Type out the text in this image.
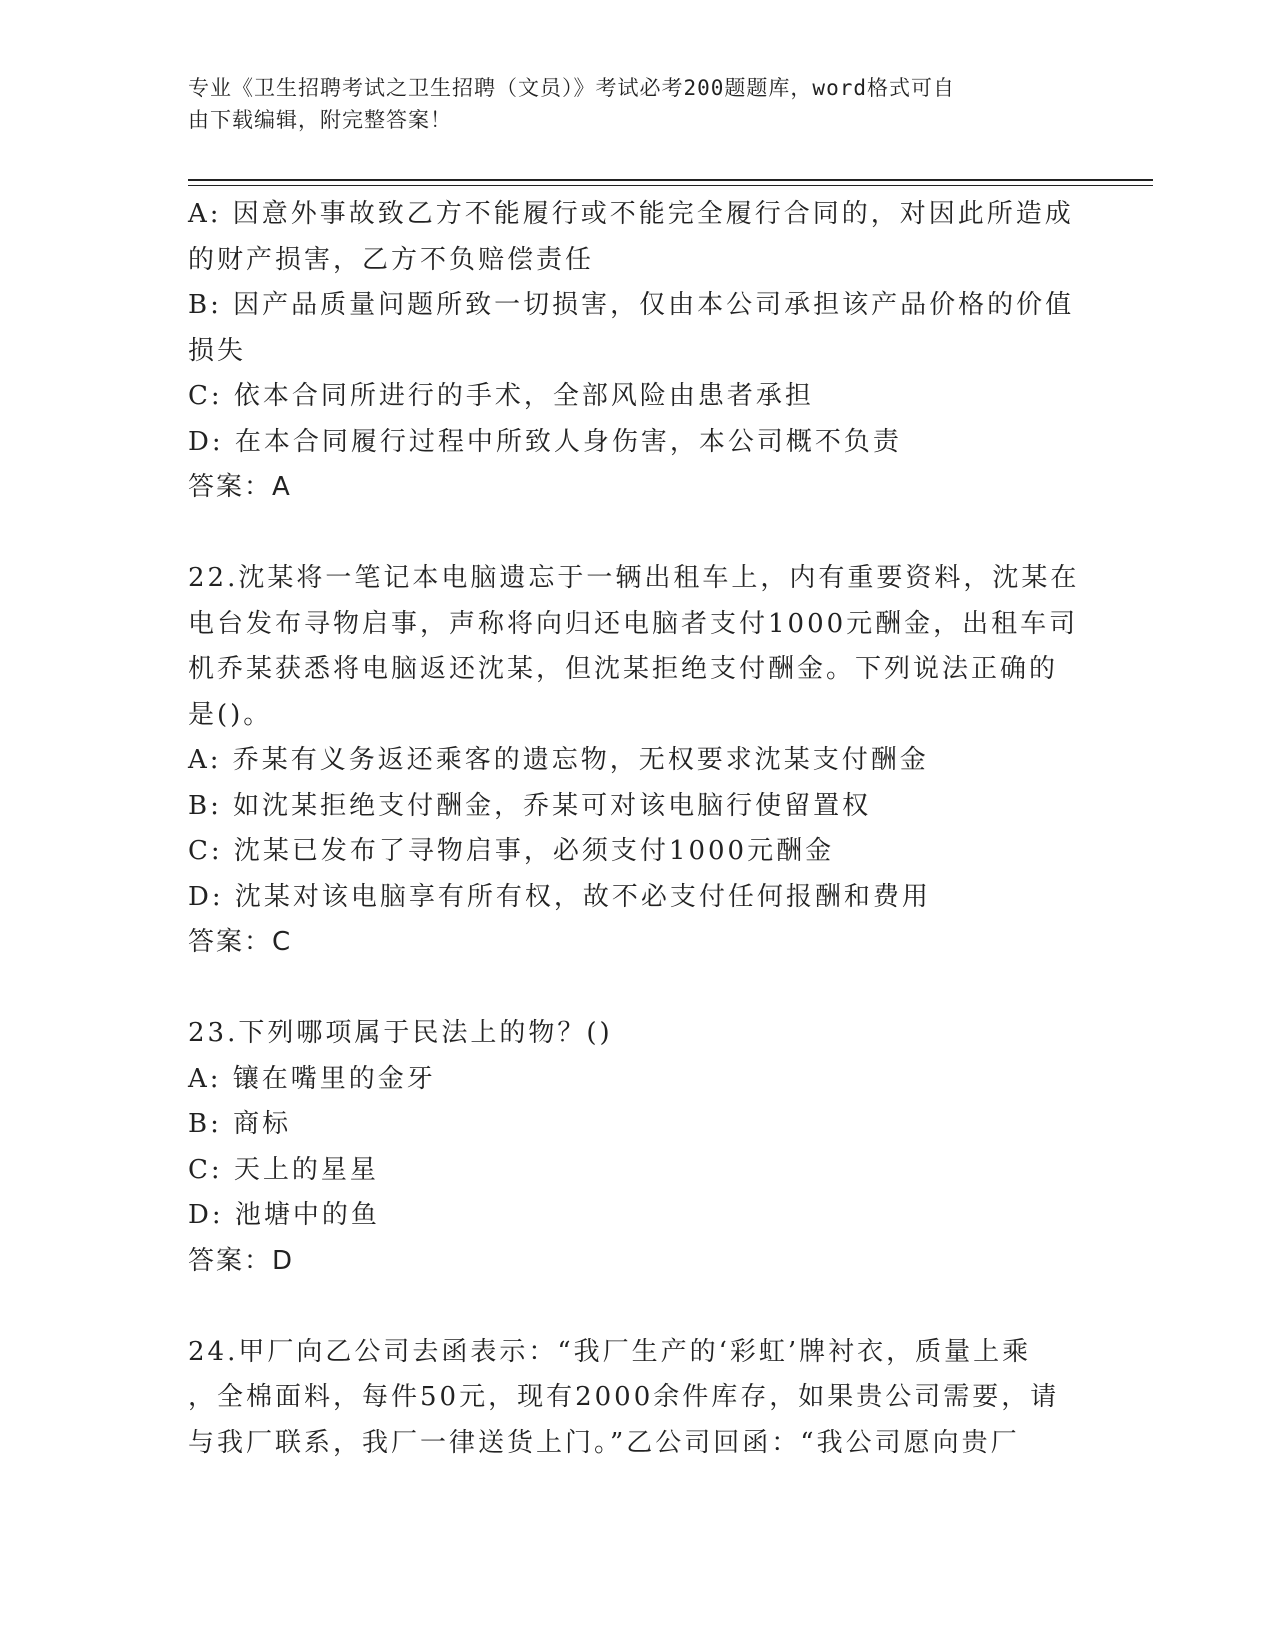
专业《卫生招聘考试之卫生招聘（文员）》考试必考200题题库，word格式可自
由下载编辑，附完整答案！
A: 因意外事故致乙方不能履行或不能完全履行合同的，对因此所造成
的财产损害，乙方不负赔偿责任
B: 因产品质量问题所致一切损害，仅由本公司承担该产品价格的价值
损失
C: 依本合同所进行的手术，全部风险由患者承担
D: 在本合同履行过程中所致人身伤害，本公司概不负责
答案：A
22.沈某将一笔记本电脑遗忘于一辆出租车上，内有重要资料，沈某在
电台发布寻物启事，声称将向归还电脑者支付1000元酬金，出租车司
机乔某获悉将电脑返还沈某，但沈某拒绝支付酬金。下列说法正确的
是()。
A: 乔某有义务返还乘客的遗忘物，无权要求沈某支付酬金
B: 如沈某拒绝支付酬金，乔某可对该电脑行使留置权
C: 沈某已发布了寻物启事，必须支付1000元酬金
D: 沈某对该电脑享有所有权，故不必支付任何报酬和费用
答案：C
23.下列哪项属于民法上的物？()
A: 镶在嘴里的金牙
B: 商标
C: 天上的星星
D: 池塘中的鱼
答案：D
24.甲厂向乙公司去函表示：“我厂生产的‘彩虹’牌衬衣，质量上乘
，全棉面料，每件50元，现有2000余件库存，如果贵公司需要，请
与我厂联系，我厂一律送货上门。”乙公司回函：“我公司愿向贵厂
